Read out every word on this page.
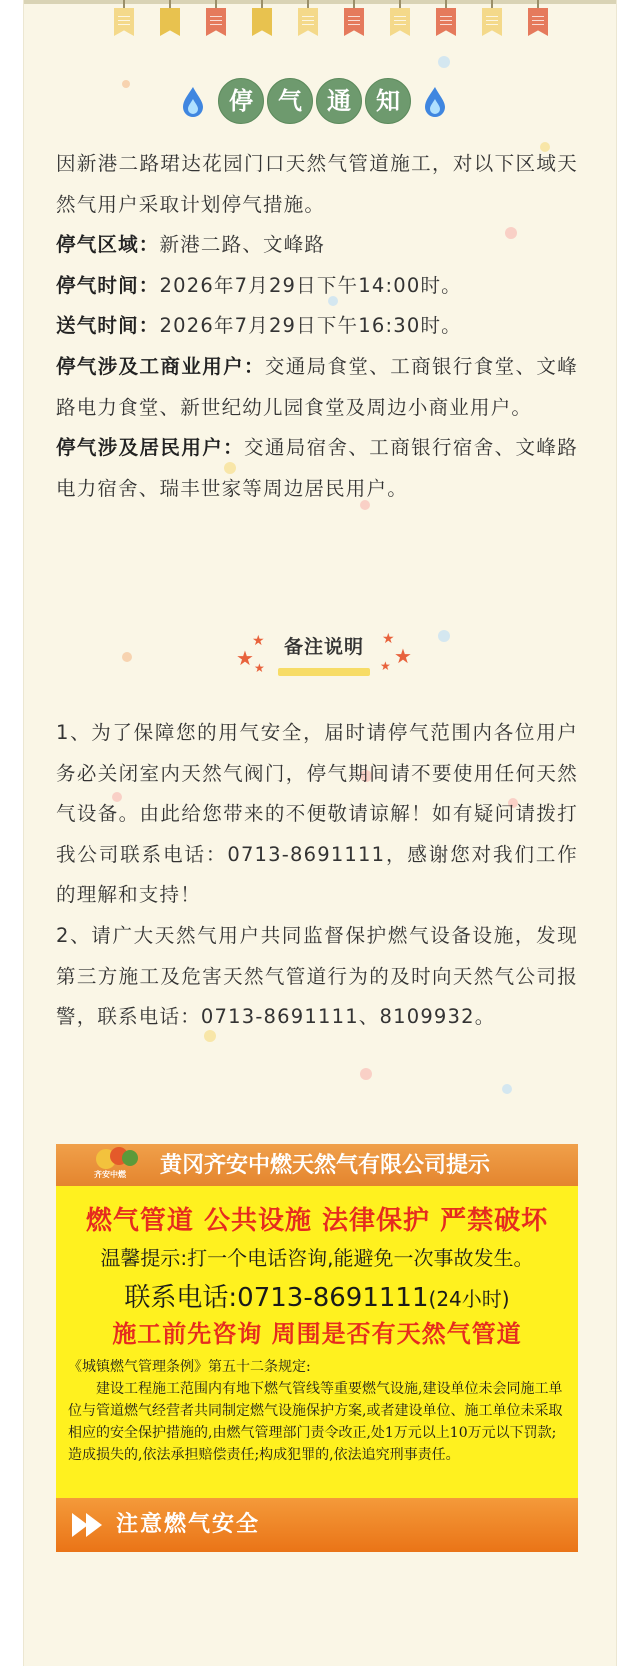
停	气	通	知

因新港二路珺达花园门口天然气管道施工，对以下区域天然气用户采取计划停气措施。

停气区域：新港二路、文峰路

停气时间：2026年7月29日下午14:00时。

送气时间：2026年7月29日下午16:30时。

停气涉及工商业用户：交通局食堂、工商银行食堂、文峰路电力食堂、新世纪幼儿园食堂及周边小商业用户。

停气涉及居民用户：交通局宿舍、工商银行宿舍、文峰路电力宿舍、瑞丰世家等周边居民用户。

★
★
★
备注说明	★
★
★

1、为了保障您的用气安全，届时请停气范围内各位用户务必关闭室内天然气阀门，停气期间请不要使用任何天然气设备。由此给您带来的不便敬请谅解！如有疑问请拨打我公司联系电话：0713-8691111，感谢您对我们工作的理解和支持！

2、请广大天然气用户共同监督保护燃气设备设施，发现第三方施工及危害天然气管道行为的及时向天然气公司报警，联系电话：0713-8691111、8109932。

齐安中燃 黄冈齐安中燃天然气有限公司提示
燃气管道 公共设施 法律保护 严禁破坏
温馨提示:打一个电话咨询,能避免一次事故发生。
联系电话:0713-8691111(24小时)
施工前先咨询 周围是否有天然气管道

《城镇燃气管理条例》第五十二条规定:

建设工程施工范围内有地下燃气管线等重要燃气设施,建设单位未会同施工单位与管道燃气经营者共同制定燃气设施保护方案,或者建设单位、施工单位未采取相应的安全保护措施的,由燃气管理部门责令改正,处1万元以上10万元以下罚款;造成损失的,依法承担赔偿责任;构成犯罪的,依法追究刑事责任。

注意燃气安全
